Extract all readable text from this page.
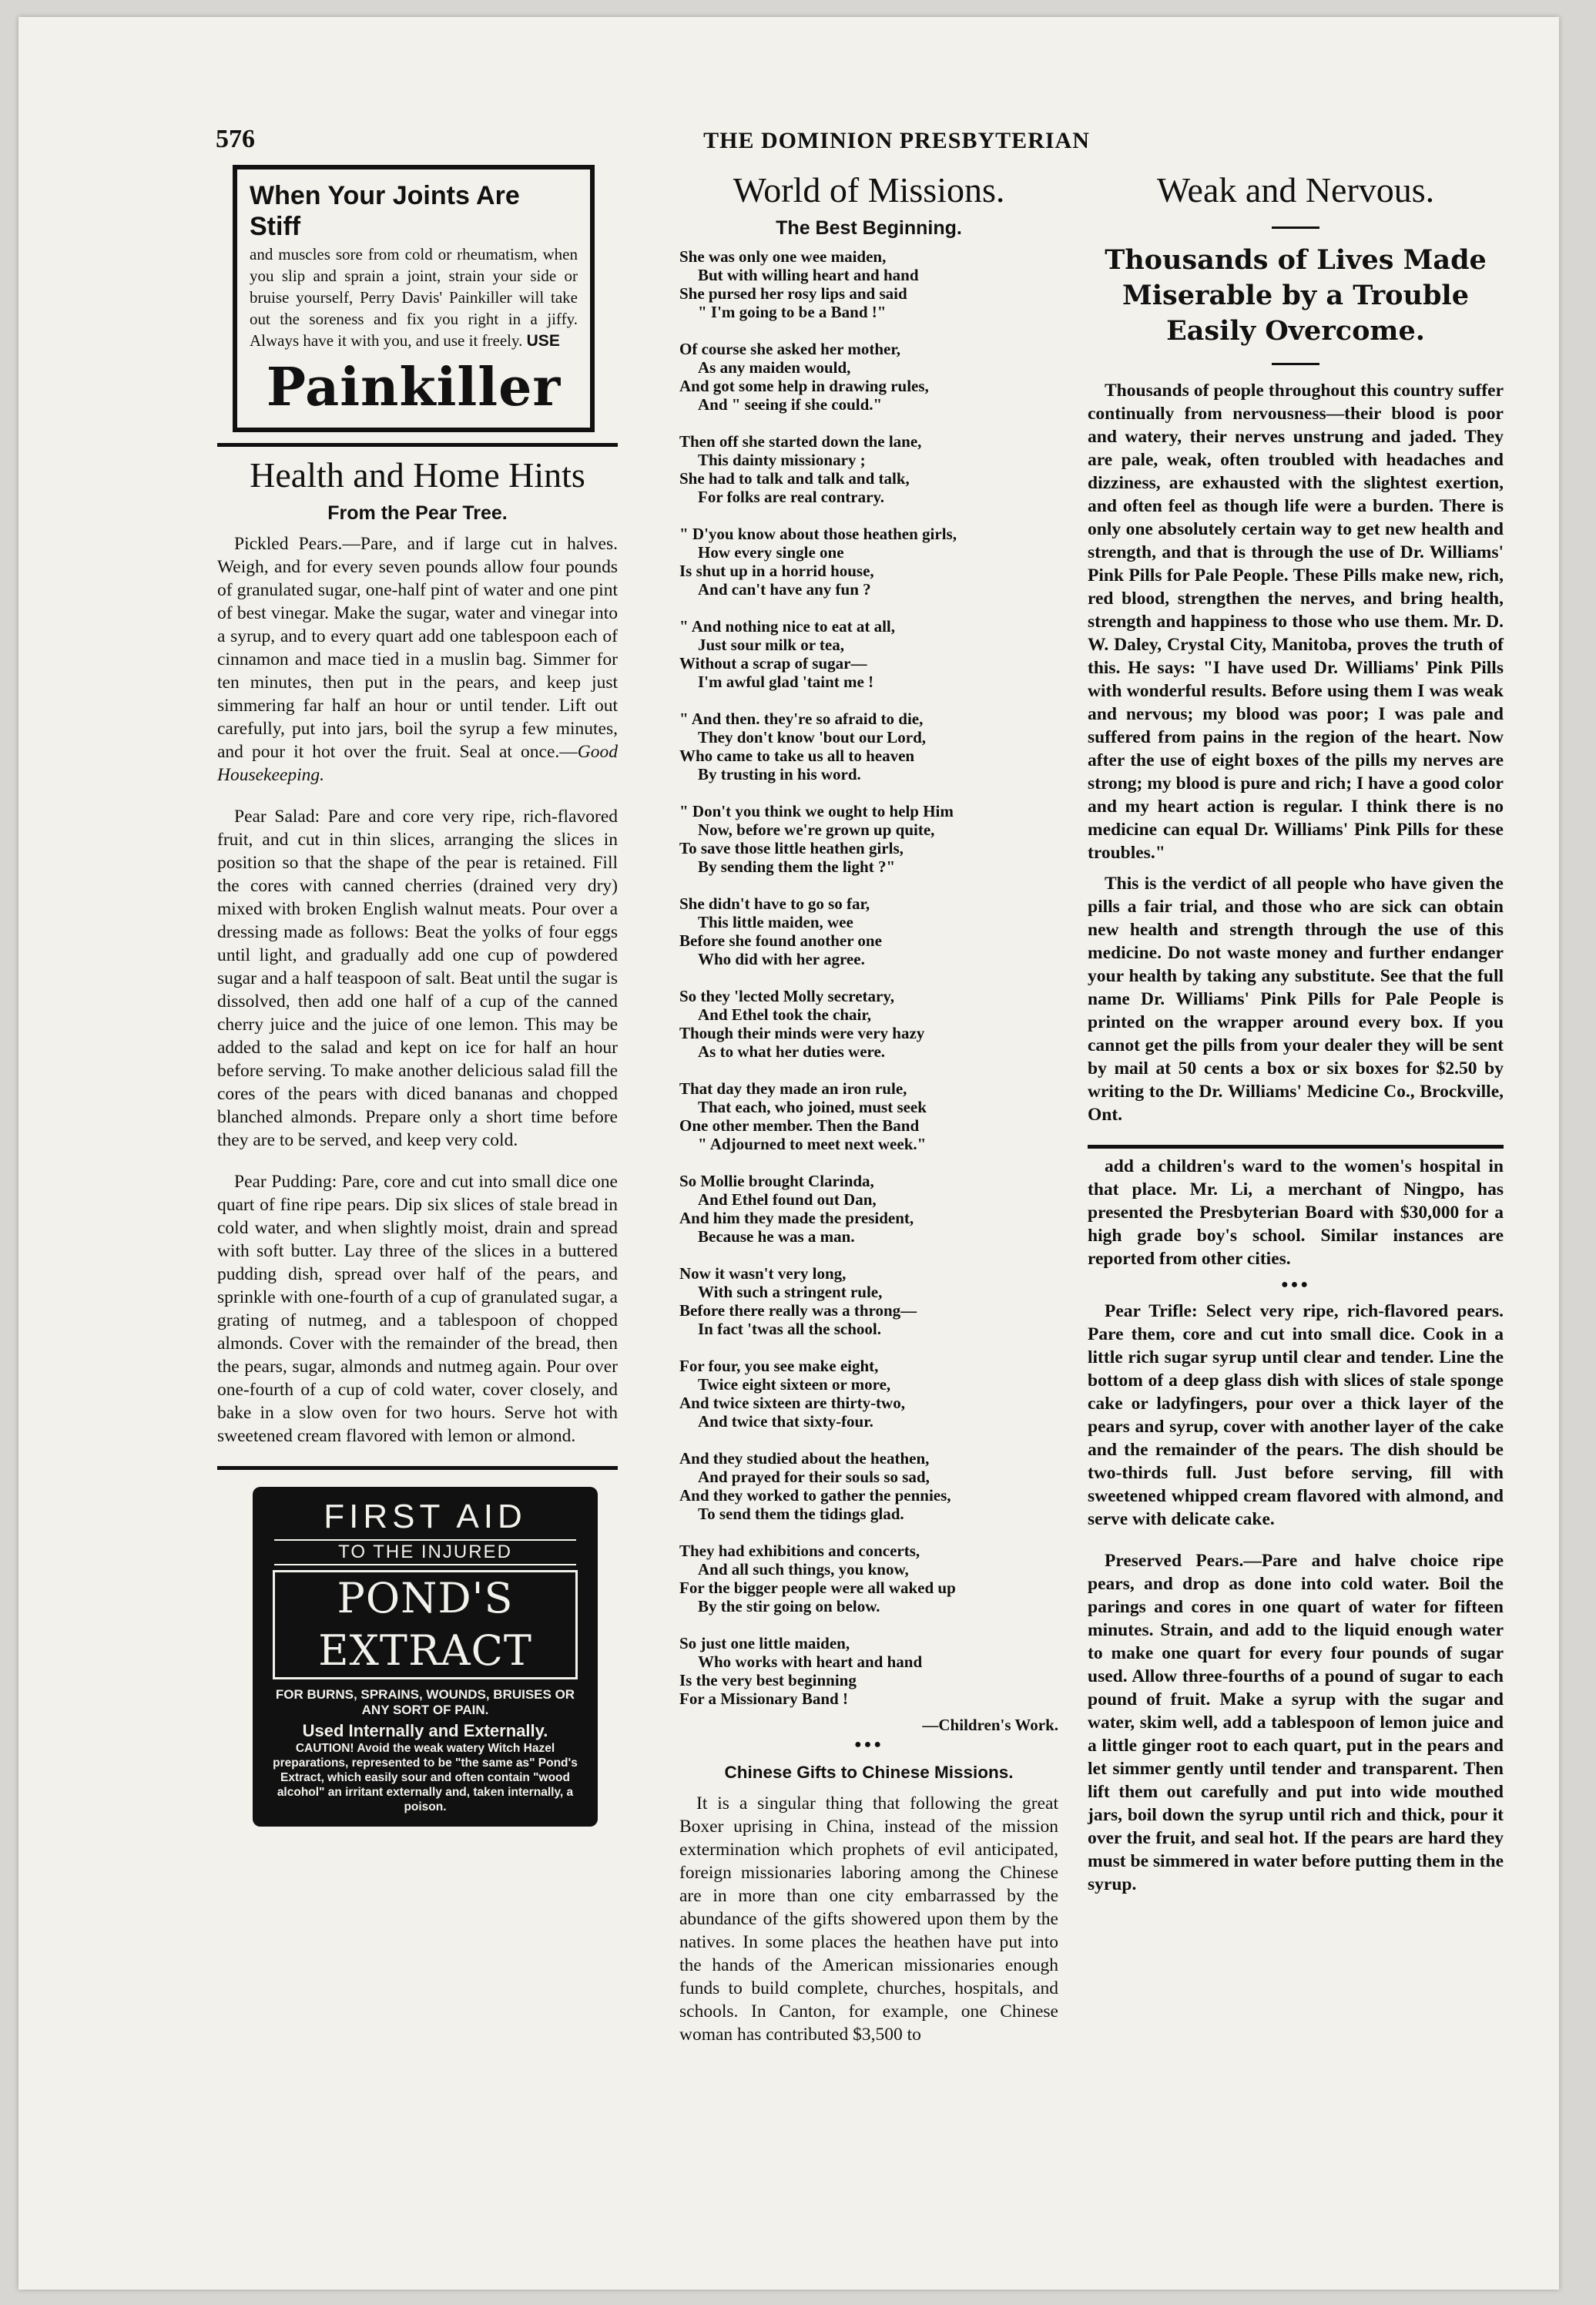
576	THE DOMINION PRESBYTERIAN
When Your Joints Are Stiff
and muscles sore from cold or rheumatism, when you slip and sprain a joint, strain your side or bruise yourself, Perry Davis' Painkiller will take out the soreness and fix you right in a jiffy. Always have it with you, and use it freely. USE
Painkiller
Health and Home Hints
From the Pear Tree.

Pickled Pears.—Pare, and if large cut in halves. Weigh, and for every seven pounds allow four pounds of granulated sugar, one-half pint of water and one pint of best vinegar. Make the sugar, water and vinegar into a syrup, and to every quart add one tablespoon each of cinnamon and mace tied in a muslin bag. Simmer for ten minutes, then put in the pears, and keep just simmering far half an hour or until tender. Lift out carefully, put into jars, boil the syrup a few minutes, and pour it hot over the fruit. Seal at once.—Good Housekeeping.

Pear Salad: Pare and core very ripe, rich-flavored fruit, and cut in thin slices, arranging the slices in position so that the shape of the pear is retained. Fill the cores with canned cherries (drained very dry) mixed with broken English walnut meats. Pour over a dressing made as follows: Beat the yolks of four eggs until light, and gradually add one cup of powdered sugar and a half teaspoon of salt. Beat until the sugar is dissolved, then add one half of a cup of the canned cherry juice and the juice of one lemon. This may be added to the salad and kept on ice for half an hour before serving. To make another delicious salad fill the cores of the pears with diced bananas and chopped blanched almonds. Prepare only a short time before they are to be served, and keep very cold.

Pear Pudding: Pare, core and cut into small dice one quart of fine ripe pears. Dip six slices of stale bread in cold water, and when slightly moist, drain and spread with soft butter. Lay three of the slices in a buttered pudding dish, spread over half of the pears, and sprinkle with one-fourth of a cup of granulated sugar, a grating of nutmeg, and a tablespoon of chopped almonds. Cover with the remainder of the bread, then the pears, sugar, almonds and nutmeg again. Pour over one-fourth of a cup of cold water, cover closely, and bake in a slow oven for two hours. Serve hot with sweetened cream flavored with lemon or almond.

FIRST AID
TO THE INJURED
POND'S EXTRACT
FOR BURNS, SPRAINS, WOUNDS, BRUISES OR ANY SORT OF PAIN.
Used Internally and Externally.
CAUTION! Avoid the weak watery Witch Hazel preparations, represented to be "the same as" Pond's Extract, which easily sour and often contain "wood alcohol" an irritant externally and, taken internally, a poison.
World of Missions.
The Best Beginning.
She was only one wee maiden,
But with willing heart and hand
She pursed her rosy lips and said
" I'm going to be a Band !"
Of course she asked her mother,
As any maiden would,
And got some help in drawing rules,
And " seeing if she could."
Then off she started down the lane,
This dainty missionary ;
She had to talk and talk and talk,
For folks are real contrary.
" D'you know about those heathen girls,
How every single one
Is shut up in a horrid house,
And can't have any fun ?
" And nothing nice to eat at all,
Just sour milk or tea,
Without a scrap of sugar—
I'm awful glad 'taint me !
" And then. they're so afraid to die,
They don't know 'bout our Lord,
Who came to take us all to heaven
By trusting in his word.
" Don't you think we ought to help Him
Now, before we're grown up quite,
To save those little heathen girls,
By sending them the light ?"
She didn't have to go so far,
This little maiden, wee
Before she found another one
Who did with her agree.
So they 'lected Molly secretary,
And Ethel took the chair,
Though their minds were very hazy
As to what her duties were.
That day they made an iron rule,
That each, who joined, must seek
One other member. Then the Band
" Adjourned to meet next week."
So Mollie brought Clarinda,
And Ethel found out Dan,
And him they made the president,
Because he was a man.
Now it wasn't very long,
With such a stringent rule,
Before there really was a throng—
In fact 'twas all the school.
For four, you see make eight,
Twice eight sixteen or more,
And twice sixteen are thirty-two,
And twice that sixty-four.
And they studied about the heathen,
And prayed for their souls so sad,
And they worked to gather the pennies,
To send them the tidings glad.
They had exhibitions and concerts,
And all such things, you know,
For the bigger people were all waked up
By the stir going on below.
So just one little maiden,
Who works with heart and hand
Is the very best beginning
For a Missionary Band !
—Children's Work.
●●●
Chinese Gifts to Chinese Missions.

It is a singular thing that following the great Boxer uprising in China, instead of the mission extermination which prophets of evil anticipated, foreign missionaries laboring among the Chinese are in more than one city embarrassed by the abundance of the gifts showered upon them by the natives. In some places the heathen have put into the hands of the American missionaries enough funds to build complete, churches, hospitals, and schools. In Canton, for example, one Chinese woman has contributed $3,500 to

Weak and Nervous.
Thousands of Lives Made Miserable by a Trouble Easily Overcome.

Thousands of people throughout this country suffer continually from nervousness—their blood is poor and watery, their nerves unstrung and jaded. They are pale, weak, often troubled with headaches and dizziness, are exhausted with the slightest exertion, and often feel as though life were a burden. There is only one absolutely certain way to get new health and strength, and that is through the use of Dr. Williams' Pink Pills for Pale People. These Pills make new, rich, red blood, strengthen the nerves, and bring health, strength and happiness to those who use them. Mr. D. W. Daley, Crystal City, Manitoba, proves the truth of this. He says: "I have used Dr. Williams' Pink Pills with wonderful results. Before using them I was weak and nervous; my blood was poor; I was pale and suffered from pains in the region of the heart. Now after the use of eight boxes of the pills my nerves are strong; my blood is pure and rich; I have a good color and my heart action is regular. I think there is no medicine can equal Dr. Williams' Pink Pills for these troubles."

This is the verdict of all people who have given the pills a fair trial, and those who are sick can obtain new health and strength through the use of this medicine. Do not waste money and further endanger your health by taking any substitute. See that the full name Dr. Williams' Pink Pills for Pale People is printed on the wrapper around every box. If you cannot get the pills from your dealer they will be sent by mail at 50 cents a box or six boxes for $2.50 by writing to the Dr. Williams' Medicine Co., Brockville, Ont.

add a children's ward to the women's hospital in that place. Mr. Li, a merchant of Ningpo, has presented the Presbyterian Board with $30,000 for a high grade boy's school. Similar instances are reported from other cities.

●●●

Pear Trifle: Select very ripe, rich-flavored pears. Pare them, core and cut into small dice. Cook in a little rich sugar syrup until clear and tender. Line the bottom of a deep glass dish with slices of stale sponge cake or ladyfingers, pour over a thick layer of the pears and syrup, cover with another layer of the cake and the remainder of the pears. The dish should be two-thirds full. Just before serving, fill with sweetened whipped cream flavored with almond, and serve with delicate cake.

Preserved Pears.—Pare and halve choice ripe pears, and drop as done into cold water. Boil the parings and cores in one quart of water for fifteen minutes. Strain, and add to the liquid enough water to make one quart for every four pounds of sugar used. Allow three-fourths of a pound of sugar to each pound of fruit. Make a syrup with the sugar and water, skim well, add a tablespoon of lemon juice and a little ginger root to each quart, put in the pears and let simmer gently until tender and transparent. Then lift them out carefully and put into wide mouthed jars, boil down the syrup until rich and thick, pour it over the fruit, and seal hot. If the pears are hard they must be simmered in water before putting them in the syrup.
